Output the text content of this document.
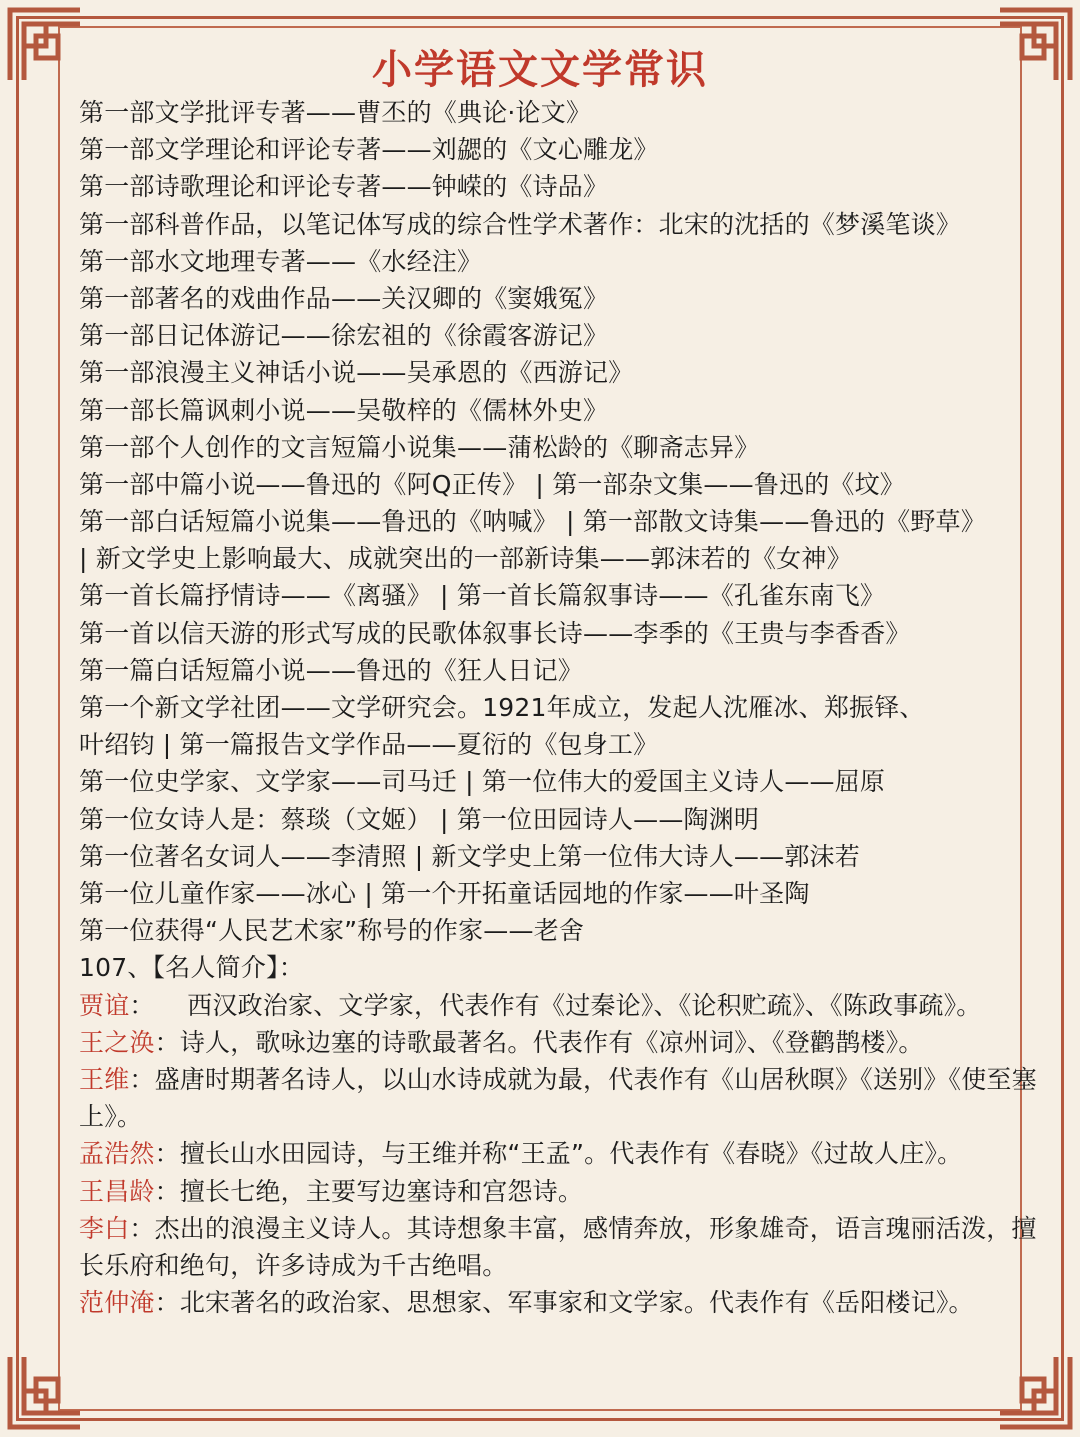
小学语文文学常识
第一部文学批评专著——曹丕的《典论·论文》
第一部文学理论和评论专著——刘勰的《文心雕龙》
第一部诗歌理论和评论专著——钟嵘的《诗品》
第一部科普作品，以笔记体写成的综合性学术著作：北宋的沈括的《梦溪笔谈》
第一部水文地理专著——《水经注》
第一部著名的戏曲作品——关汉卿的《窦娥冤》
第一部日记体游记——徐宏祖的《徐霞客游记》
第一部浪漫主义神话小说——吴承恩的《西游记》
第一部长篇讽刺小说——吴敬梓的《儒林外史》
第一部个人创作的文言短篇小说集——蒲松龄的《聊斋志异》
第一部中篇小说——鲁迅的《阿Q正传》 | 第一部杂文集——鲁迅的《坟》
第一部白话短篇小说集——鲁迅的《呐喊》 | 第一部散文诗集——鲁迅的《野草》
| 新文学史上影响最大、成就突出的一部新诗集——郭沫若的《女神》
第一首长篇抒情诗——《离骚》 | 第一首长篇叙事诗——《孔雀东南飞》
第一首以信天游的形式写成的民歌体叙事长诗——李季的《王贵与李香香》
第一篇白话短篇小说——鲁迅的《狂人日记》
第一个新文学社团——文学研究会。1921年成立，发起人沈雁冰、郑振铎、
叶绍钧 | 第一篇报告文学作品——夏衍的《包身工》
第一位史学家、文学家——司马迁 | 第一位伟大的爱国主义诗人——屈原
第一位女诗人是：蔡琰（文姬） | 第一位田园诗人——陶渊明
第一位著名女词人——李清照 | 新文学史上第一位伟大诗人——郭沫若
第一位儿童作家——冰心 | 第一个开拓童话园地的作家——叶圣陶
第一位获得“人民艺术家”称号的作家——老舍
107、【名人简介】：
贾谊：    西汉政治家、文学家，代表作有《过秦论》、《论积贮疏》、《陈政事疏》。
王之涣：诗人，歌咏边塞的诗歌最著名。代表作有《凉州词》、《登鹳鹊楼》。
王维：盛唐时期著名诗人，以山水诗成就为最，代表作有《山居秋暝》《送别》《使至塞上》。
孟浩然：擅长山水田园诗，与王维并称“王孟”。代表作有《春晓》《过故人庄》。
王昌龄：擅长七绝，主要写边塞诗和宫怨诗。
李白：杰出的浪漫主义诗人。其诗想象丰富，感情奔放，形象雄奇，语言瑰丽活泼，擅长乐府和绝句，许多诗成为千古绝唱。
范仲淹：北宋著名的政治家、思想家、军事家和文学家。代表作有《岳阳楼记》。
